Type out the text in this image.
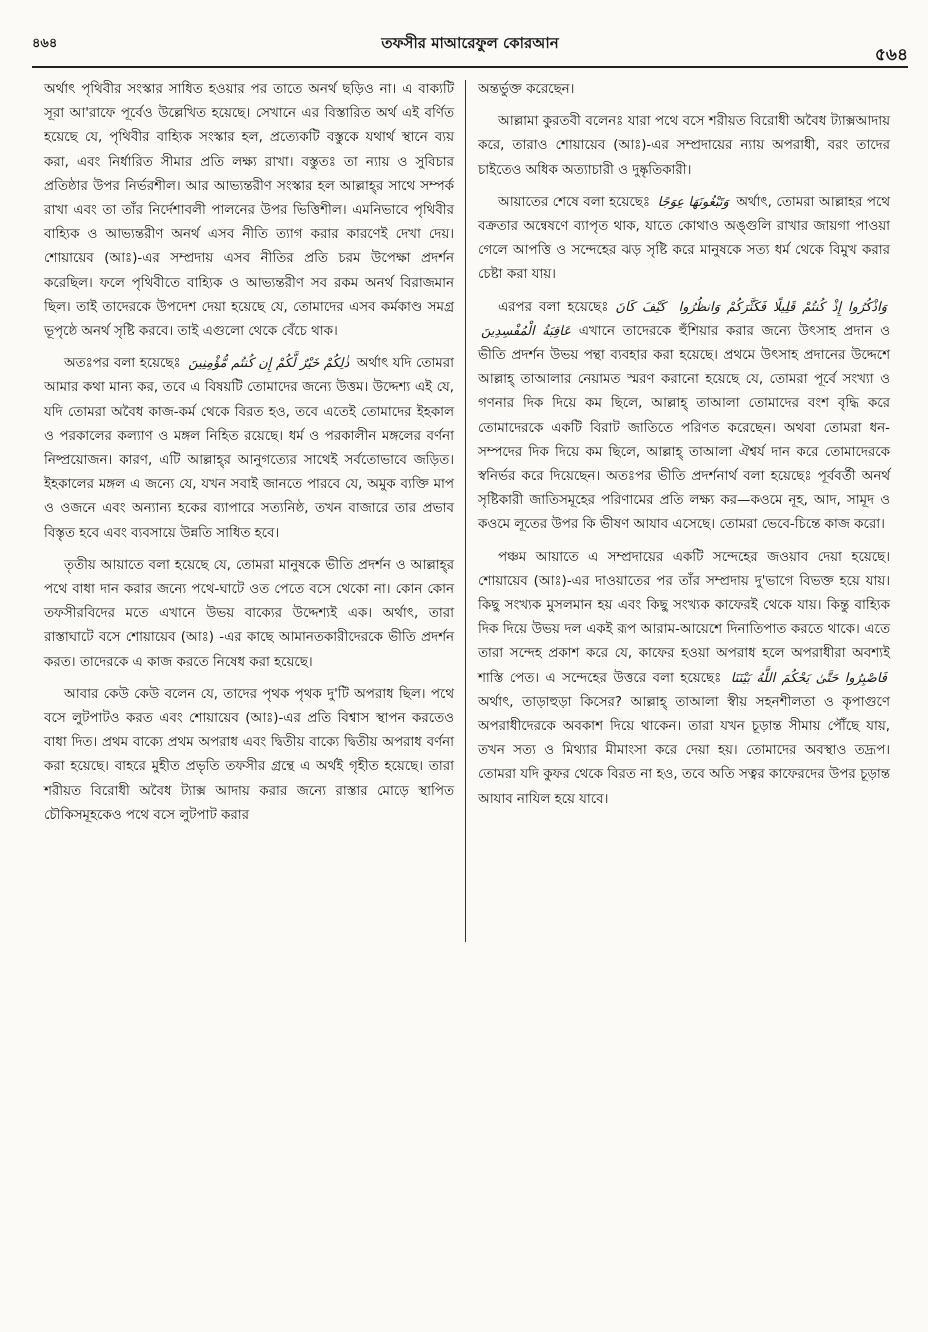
৪৬৪	তফসীর মাআরেফুল কোরআন
৫৬৪

অর্থাৎ পৃথিবীর সংস্কার সাধিত হওয়ার পর তাতে অনর্থ ছড়িও না। এ বাক্যটি সূরা আ'রাফে পূর্বেও উল্লেখিত হয়েছে। সেখানে এর বিস্তারিত অর্থ এই বর্ণিত হয়েছে যে, পৃথিবীর বাহ্যিক সংস্কার হল, প্রত্যেকটি বস্তুকে যথার্থ স্থানে ব্যয় করা, এবং নির্ধারিত সীমার প্রতি লক্ষ্য রাখা। বস্তুতঃ তা ন্যায় ও সুবিচার প্রতিষ্ঠার উপর নির্ভরশীল। আর আভ্যন্তরীণ সংস্কার হল আল্লাহ্‌র সাথে সম্পর্ক রাখা এবং তা তাঁর নির্দেশাবলী পালনের উপর ভিত্তিশীল। এমনিভাবে পৃথিবীর বাহ্যিক ও আভ্যন্তরীণ অনর্থ এসব নীতি ত্যাগ করার কারণেই দেখা দেয়। শোয়ায়েব (আঃ)-এর সম্প্রদায় এসব নীতির প্রতি চরম উপেক্ষা প্রদর্শন করেছিল। ফলে পৃথিবীতে বাহ্যিক ও আভ্যন্তরীণ সব রকম অনর্থ বিরাজমান ছিল। তাই তাদেরকে উপদেশ দেয়া হয়েছে যে, তোমাদের এসব কর্মকাণ্ড সমগ্র ভূপৃষ্ঠে অনর্থ সৃষ্টি করবে। তাই এগুলো থেকে বেঁচে থাক।

অতঃপর বলা হয়েছেঃ ذٰلِكُمْ خَيْرٌ لَّكُمْ إِن كُنتُم مُّؤْمِنِينَ অর্থাৎ যদি তোমরা আমার কথা মান্য কর, তবে এ বিষয়টি তোমাদের জন্যে উত্তম। উদ্দেশ্য এই যে, যদি তোমরা অবৈধ কাজ-কর্ম থেকে বিরত হও, তবে এতেই তোমাদের ইহকাল ও পরকালের কল্যাণ ও মঙ্গল নিহিত রয়েছে। ধর্ম ও পরকালীন মঙ্গলের বর্ণনা নিষ্প্রয়োজন। কারণ, এটি আল্লাহ্‌র আনুগত্যের সাথেই সর্বতোভাবে জড়িত। ইহকালের মঙ্গল এ জন্যে যে, যখন সবাই জানতে পারবে যে, অমুক ব্যক্তি মাপ ও ওজনে এবং অন্যান্য হকের ব্যাপারে সত্যনিষ্ঠ, তখন বাজারে তার প্রভাব বিস্তৃত হবে এবং ব্যবসায়ে উন্নতি সাধিত হবে।

তৃতীয় আয়াতে বলা হয়েছে যে, তোমরা মানুষকে ভীতি প্রদর্শন ও আল্লাহ্‌র পথে বাধা দান করার জন্যে পথে-ঘাটে ওত পেতে বসে থেকো না। কোন কোন তফসীরবিদের মতে এখানে উভয় বাক্যের উদ্দেশ্যই এক। অর্থাৎ, তারা রাস্তাঘাটে বসে শোয়ায়েব (আঃ) -এর কাছে আমানতকারীদেরকে ভীতি প্রদর্শন করত। তাদেরকে এ কাজ করতে নিষেধ করা হয়েছে।

আবার কেউ কেউ বলেন যে, তাদের পৃথক পৃথক দু'টি অপরাধ ছিল। পথে বসে লুটপাটও করত এবং শোয়ায়েব (আঃ)-এর প্রতি বিশ্বাস স্থাপন করতেও বাধা দিত। প্রথম বাক্যে প্রথম অপরাধ এবং দ্বিতীয় বাক্যে দ্বিতীয় অপরাধ বর্ণনা করা হয়েছে। বাহরে মুহীত প্রভৃতি তফসীর গ্রন্থে এ অর্থই গৃহীত হয়েছে। তারা শরীয়ত বিরোধী অবৈধ ট্যাক্স আদায় করার জন্যে রাস্তার মোড়ে স্থাপিত চৌকিসমূহকেও পথে বসে লুটপাট করার

অন্তর্ভুক্ত করেছেন।

আল্লামা কুরতবী বলেনঃ যারা পথে বসে শরীয়ত বিরোধী অবৈধ ট্যাক্সআদায় করে, তারাও শোয়ায়েব (আঃ)-এর সম্প্রদায়ের ন্যায় অপরাধী, বরং তাদের চাইতেও অধিক অত্যাচারী ও দুষ্কৃতিকারী।

আয়াতের শেষে বলা হয়েছেঃ وَتَبْغُونَهَا عِوَجًا অর্থাৎ, তোমরা আল্লাহর পথে বক্রতার অন্বেষণে ব্যাপৃত থাক, যাতে কোথাও অঙ্গুলি রাখার জায়গা পাওয়া গেলে আপত্তি ও সন্দেহের ঝড় সৃষ্টি করে মানুষকে সত্য ধর্ম থেকে বিমুখ করার চেষ্টা করা যায়।

এরপর বলা হয়েছেঃ	وَاذْكُرُوا إِذْ كُنتُمْ قَلِيلًا فَكَثَّرَكُمْ وَانظُرُوا كَيْفَ كَانَ عَاقِبَةُ الْمُفْسِدِينَ এখানে তাদেরকে হুঁশিয়ার করার জন্যে উৎসাহ প্রদান ও ভীতি প্রদর্শন উভয় পন্থা ব্যবহার করা হয়েছে। প্রথমে উৎসাহ প্রদানের উদ্দেশে আল্লাহ্ তাআলার নেয়ামত স্মরণ করানো হয়েছে যে, তোমরা পূর্বে সংখ্যা ও গণনার দিক দিয়ে কম ছিলে, আল্লাহ্ তাআলা তোমাদের বংশ বৃদ্ধি করে তোমাদেরকে একটি বিরাট জাতিতে পরিণত করেছেন। অথবা তোমরা ধন-সম্পদের দিক দিয়ে কম ছিলে, আল্লাহ্ তাআলা ঐশ্বর্য দান করে তোমাদেরকে স্বনির্ভর করে দিয়েছেন। অতঃপর ভীতি প্রদর্শনার্থ বলা হয়েছেঃ পূর্ববর্তী অনর্থ সৃষ্টিকারী জাতিসমূহের পরিণামের প্রতি লক্ষ্য কর—কওমে নূহ, আদ, সামূদ ও কওমে লূতের উপর কি ভীষণ আযাব এসেছে। তোমরা ভেবে-চিন্তে কাজ করো।

পঞ্চম আয়াতে এ সম্প্রদায়ের একটি সন্দেহের জওয়াব দেয়া হয়েছে। শোয়ায়েব (আঃ)-এর দাওয়াতের পর তাঁর সম্প্রদায় দু'ভাগে বিভক্ত হয়ে যায়। কিছু সংখ্যক মুসলমান হয় এবং কিছু সংখ্যক কাফেরই থেকে যায়। কিন্তু বাহ্যিক দিক দিয়ে উভয় দল একই রূপ আরাম-আয়েশে দিনাতিপাত করতে থাকে। এতে তারা সন্দেহ প্রকাশ করে যে, কাফের হওয়া অপরাধ হলে অপরাধীরা অবশ্যই শাস্তি পেত। এ সন্দেহের উত্তরে বলা হয়েছেঃ فَاصْبِرُوا حَتَّىٰ يَحْكُمَ اللَّهُ بَيْنَنَا অর্থাৎ, তাড়াহুড়া কিসের? আল্লাহ্ তাআলা স্বীয় সহনশীলতা ও কৃপাগুণে অপরাধীদেরকে অবকাশ দিয়ে থাকেন। তারা যখন চূড়ান্ত সীমায় পৌঁছে যায়, তখন সত্য ও মিথ্যার মীমাংসা করে দেয়া হয়। তোমাদের অবস্থাও তদ্রূপ। তোমরা যদি কুফর থেকে বিরত না হও, তবে অতি সত্বর কাফেরদের উপর চূড়ান্ত আযাব নাযিল হয়ে যাবে।
